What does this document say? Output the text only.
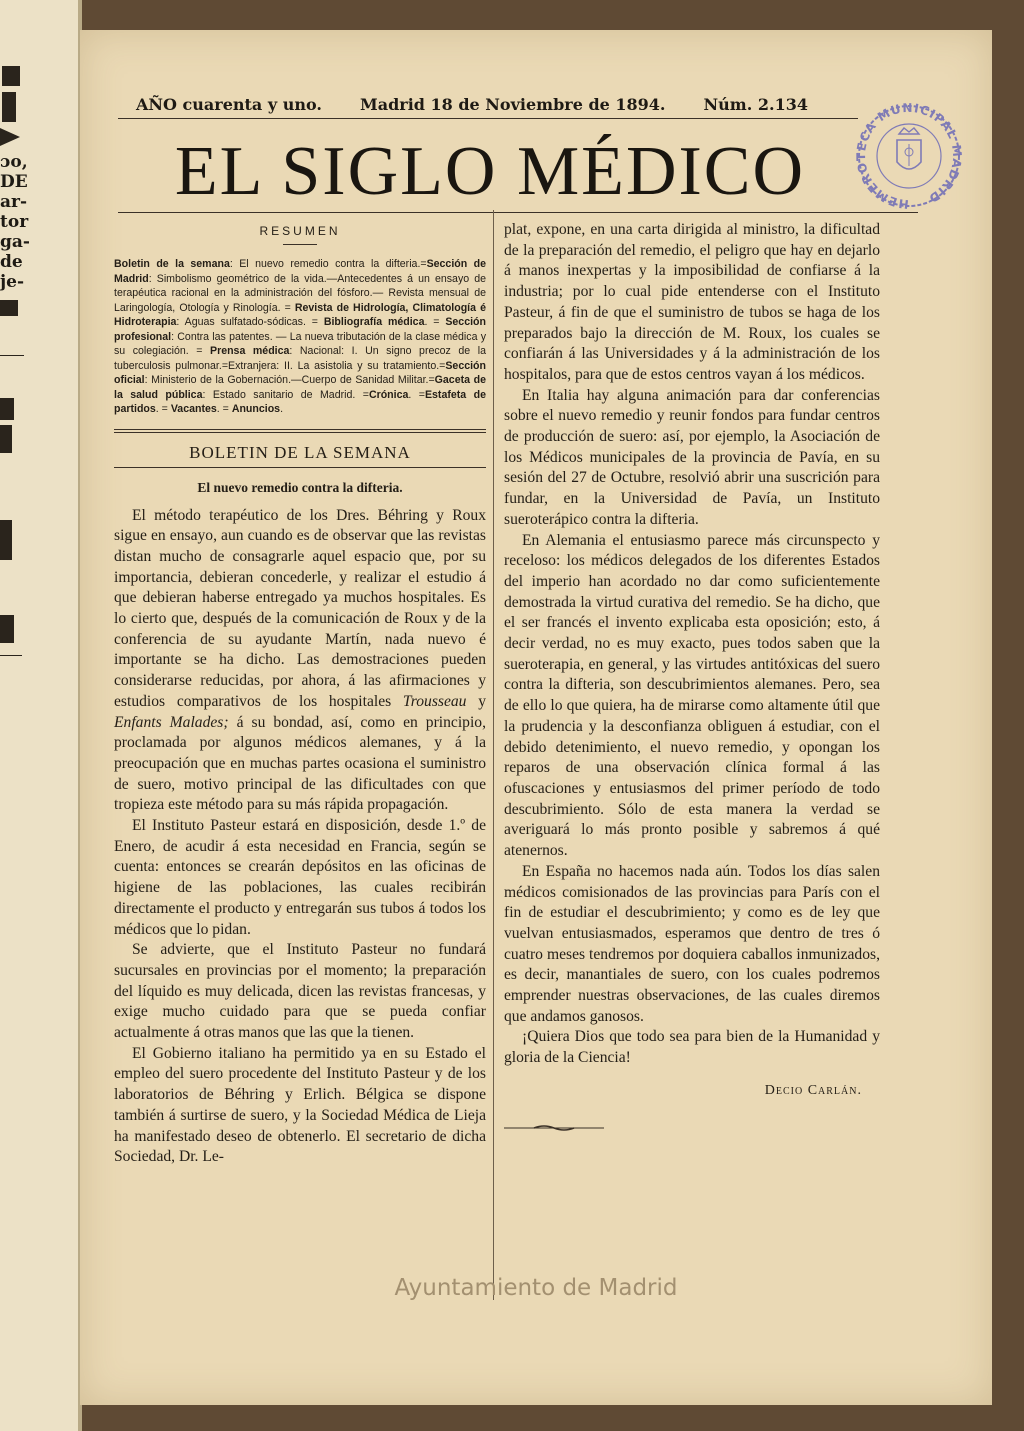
ɔo,
DE
ar-
tor
ga-
de
je-
AÑO cuarenta y uno. Madrid 18 de Noviembre de 1894. Núm. 2.134
EL SIGLO MÉDICO	HEMEROTECA MUNICIPAL MADRID
RESUMEN
Boletin de la semana: El nuevo remedio contra la difteria.=Sección de Madrid: Simbolismo geométrico de la vida.—Antecedentes á un ensayo de terapéutica racional en la administración del fósforo.— Revista mensual de Laringología, Otología y Rinología. = Revista de Hidrología, Climatología é Hidroterapia: Aguas sulfatado-sódicas. = Bibliografía médica. = Sección profesional: Contra las patentes. — La nueva tributación de la clase médica y su colegiación. = Prensa médica: Nacional: I. Un signo precoz de la tuberculosis pulmonar.=Extranjera: II. La asistolia y su tratamiento.=Sección oficial: Ministerio de la Gobernación.—Cuerpo de Sanidad Militar.=Gaceta de la salud pública: Estado sanitario de Madrid. =Crónica. =Estafeta de partidos. = Vacantes. = Anuncios.
BOLETIN DE LA SEMANA
El nuevo remedio contra la difteria.

El método terapéutico de los Dres. Béhring y Roux sigue en ensayo, aun cuando es de observar que las revistas distan mucho de consagrarle aquel espacio que, por su importancia, debieran concederle, y realizar el estudio á que debieran haberse entregado ya muchos hospitales. Es lo cierto que, después de la comunicación de Roux y de la conferencia de su ayudante Martín, nada nuevo é importante se ha dicho. Las demostraciones pueden considerarse reducidas, por ahora, á las afirmaciones y estudios comparativos de los hospitales Trousseau y Enfants Malades; á su bondad, así, como en principio, proclamada por algunos médicos alemanes, y á la preocupación que en muchas partes ocasiona el suministro de suero, motivo principal de las dificultades con que tropieza este método para su más rápida propagación.

El Instituto Pasteur estará en disposición, desde 1.º de Enero, de acudir á esta necesidad en Francia, según se cuenta: entonces se crearán depósitos en las oficinas de higiene de las poblaciones, las cuales recibirán directamente el producto y entregarán sus tubos á todos los médicos que lo pidan.

Se advierte, que el Instituto Pasteur no fundará sucursales en provincias por el momento; la preparación del líquido es muy delicada, dicen las revistas francesas, y exige mucho cuidado para que se pueda confiar actualmente á otras manos que las que la tienen.

El Gobierno italiano ha permitido ya en su Estado el empleo del suero procedente del Instituto Pasteur y de los laboratorios de Béhring y Erlich. Bélgica se dispone también á surtirse de suero, y la Sociedad Médica de Lieja ha manifestado deseo de obtenerlo. El secretario de dicha Sociedad, Dr. Le-

plat, expone, en una carta dirigida al ministro, la dificultad de la preparación del remedio, el peligro que hay en dejarlo á manos inexpertas y la imposibilidad de confiarse á la industria; por lo cual pide entenderse con el Instituto Pasteur, á fin de que el suministro de tubos se haga de los preparados bajo la dirección de M. Roux, los cuales se confiarán á las Universidades y á la administración de los hospitalos, para que de estos centros vayan á los médicos.

En Italia hay alguna animación para dar conferencias sobre el nuevo remedio y reunir fondos para fundar centros de producción de suero: así, por ejemplo, la Asociación de los Médicos municipales de la provincia de Pavía, en su sesión del 27 de Octubre, resolvió abrir una suscrición para fundar, en la Universidad de Pavía, un Instituto sueroterápico contra la difteria.

En Alemania el entusiasmo parece más circunspecto y receloso: los médicos delegados de los diferentes Estados del imperio han acordado no dar como suficientemente demostrada la virtud curativa del remedio. Se ha dicho, que el ser francés el invento explicaba esta oposición; esto, á decir verdad, no es muy exacto, pues todos saben que la sueroterapia, en general, y las virtudes antitóxicas del suero contra la difteria, son descubrimientos alemanes. Pero, sea de ello lo que quiera, ha de mirarse como altamente útil que la prudencia y la desconfianza obliguen á estudiar, con el debido detenimiento, el nuevo remedio, y opongan los reparos de una observación clínica formal á las ofuscaciones y entusiasmos del primer período de todo descubrimiento. Sólo de esta manera la verdad se averiguará lo más pronto posible y sabremos á qué atenernos.

En España no hacemos nada aún. Todos los días salen médicos comisionados de las provincias para París con el fin de estudiar el descubrimiento; y como es de ley que vuelvan entusiasmados, esperamos que dentro de tres ó cuatro meses tendremos por doquiera caballos inmunizados, es decir, manantiales de suero, con los cuales podremos emprender nuestras observaciones, de las cuales diremos que andamos ganosos.

¡Quiera Dios que todo sea para bien de la Humanidad y gloria de la Ciencia!

Decio Carlán.
Ayuntamiento de Madrid
